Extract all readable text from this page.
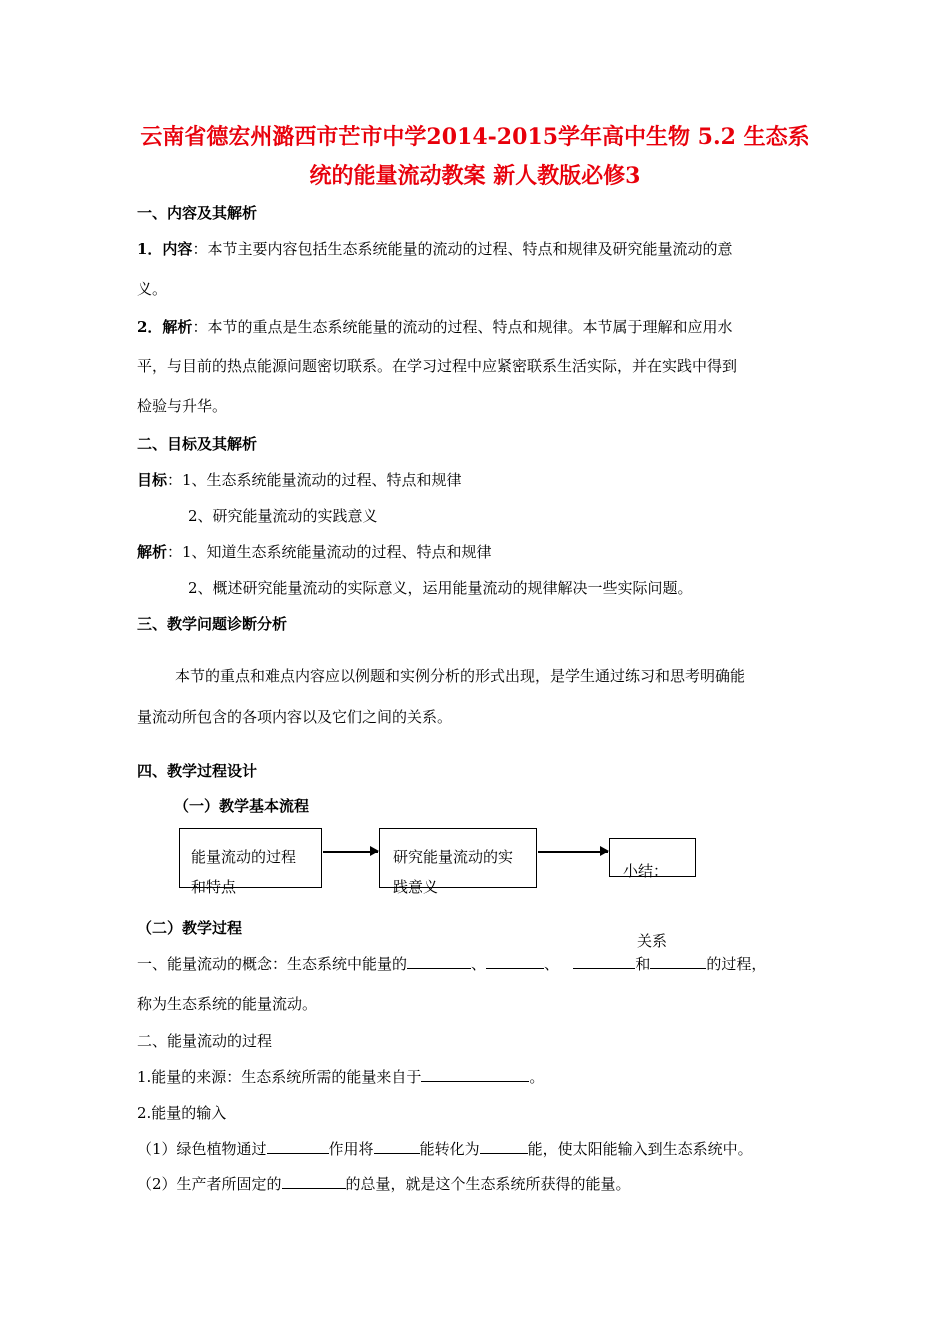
云南省德宏州潞西市芒市中学2014-2015学年高中生物 5.2 生态系
统的能量流动教案 新人教版必修3
一、内容及其解析
1．内容：本节主要内容包括生态系统能量的流动的过程、特点和规律及研究能量流动的意
义。
2．解析：本节的重点是生态系统能量的流动的过程、特点和规律。本节属于理解和应用水
平，与目前的热点能源问题密切联系。在学习过程中应紧密联系生活实际，并在实践中得到
检验与升华。
二、目标及其解析
目标：1、生态系统能量流动的过程、特点和规律
2、研究能量流动的实践意义
解析：1、知道生态系统能量流动的过程、特点和规律
2、概述研究能量流动的实际意义，运用能量流动的规律解决一些实际问题。
三、教学问题诊断分析
本节的重点和难点内容应以例题和实例分析的形式出现，是学生通过练习和思考明确能
量流动所包含的各项内容以及它们之间的关系。
四、教学过程设计
（一）教学基本流程
能量流动的过程
和特点
研究能量流动的实
践意义
小结：
关系
（二）教学过程
一、能量流动的概念：生态系统中能量的	、	、	和	的过程，
称为生态系统的能量流动。
二、能量流动的过程
1.能量的来源：生态系统所需的能量来自于	。
2.能量的输入
（1）绿色植物通过	作用将	能转化为	能，使太阳能输入到生态系统中。
（2）生产者所固定的	的总量，就是这个生态系统所获得的能量。
